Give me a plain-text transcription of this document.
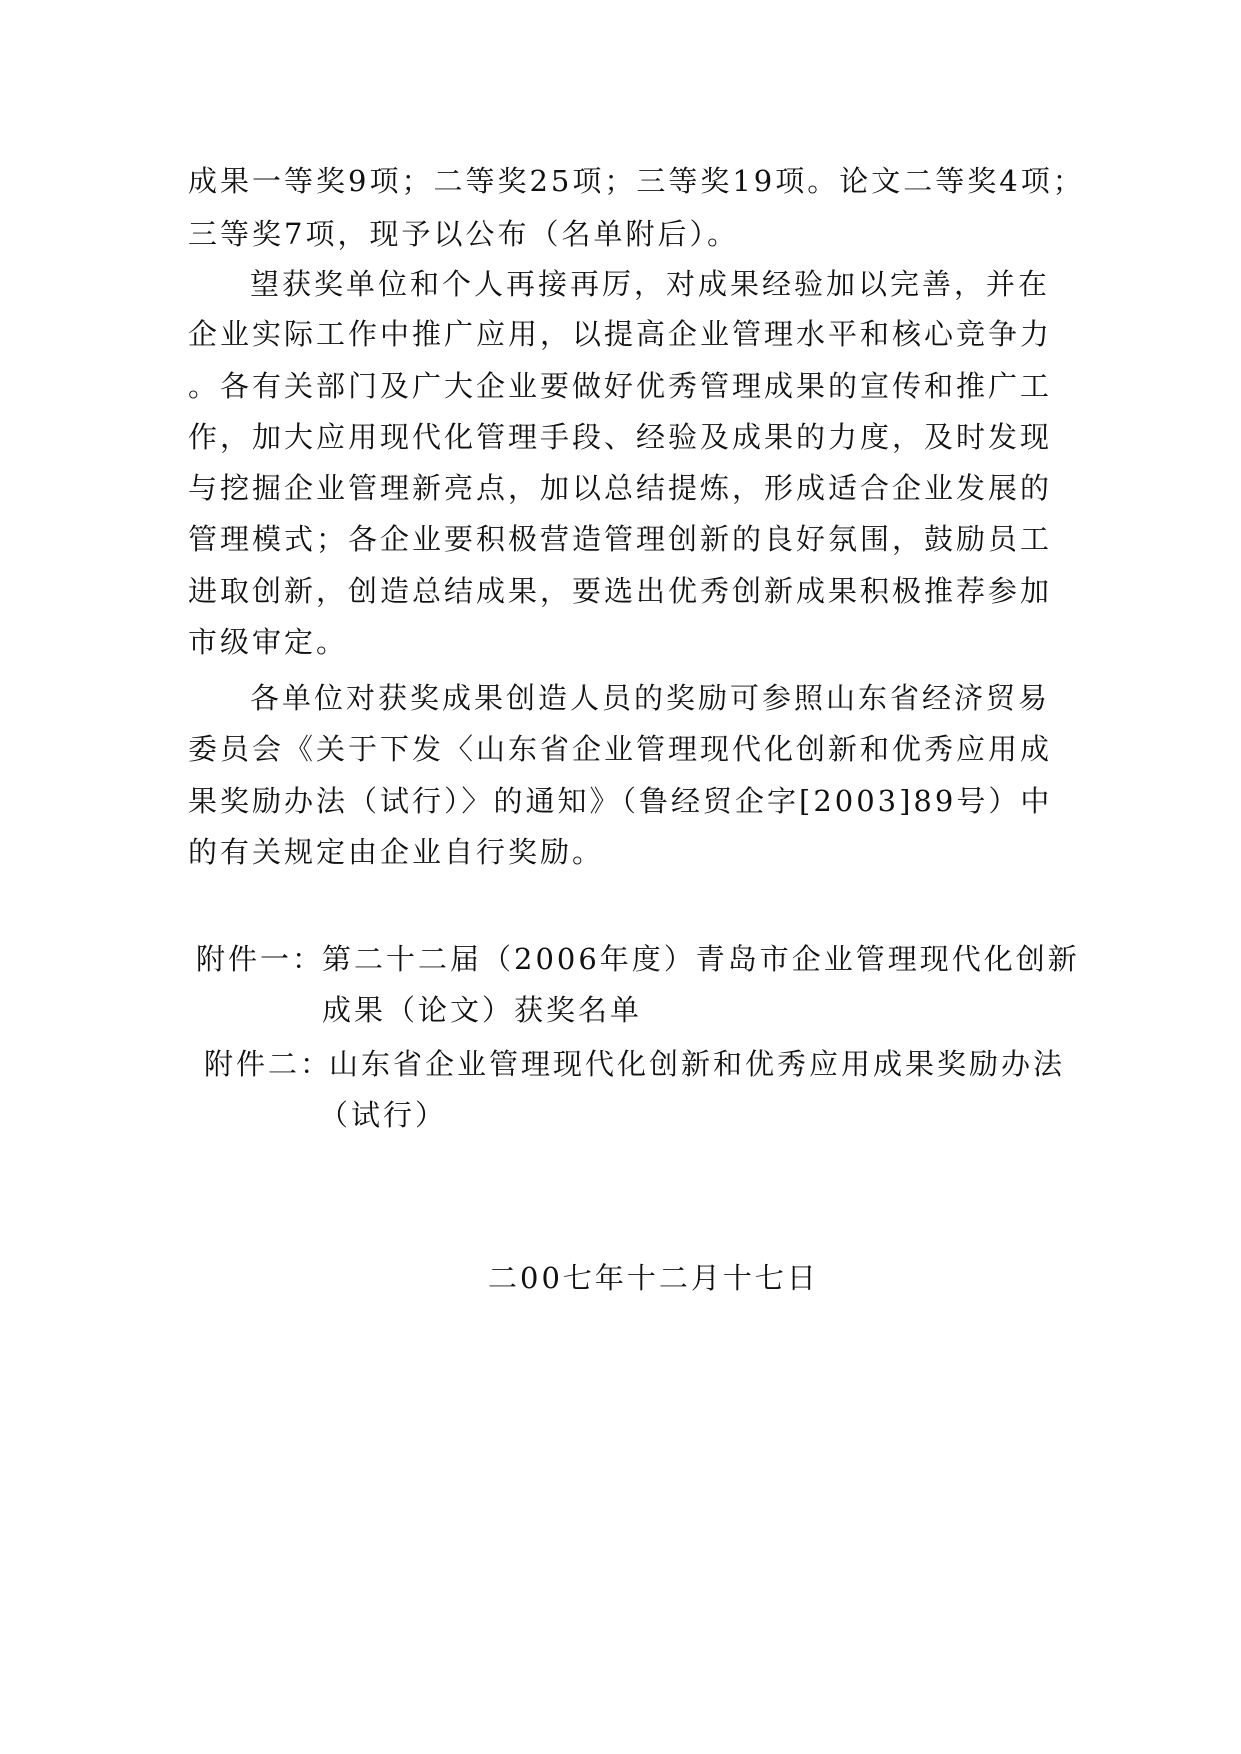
成果一等奖9项；二等奖25项；三等奖19项。论文二等奖4项；
三等奖7项，现予以公布（名单附后）。
望获奖单位和个人再接再厉，对成果经验加以完善，并在
企业实际工作中推广应用，以提高企业管理水平和核心竞争力
。各有关部门及广大企业要做好优秀管理成果的宣传和推广工
作，加大应用现代化管理手段、经验及成果的力度，及时发现
与挖掘企业管理新亮点，加以总结提炼，形成适合企业发展的
管理模式；各企业要积极营造管理创新的良好氛围，鼓励员工
进取创新，创造总结成果，要选出优秀创新成果积极推荐参加
市级审定。
各单位对获奖成果创造人员的奖励可参照山东省经济贸易
委员会《关于下发〈山东省企业管理现代化创新和优秀应用成
果奖励办法（试行）〉的通知》（鲁经贸企字[2003]89号）中
的有关规定由企业自行奖励。
附件一：
第二十二届（2006年度）青岛市企业管理现代化创新
成果（论文）获奖名单
附件二：
山东省企业管理现代化创新和优秀应用成果奖励办法
（试行）
二00七年十二月十七日
